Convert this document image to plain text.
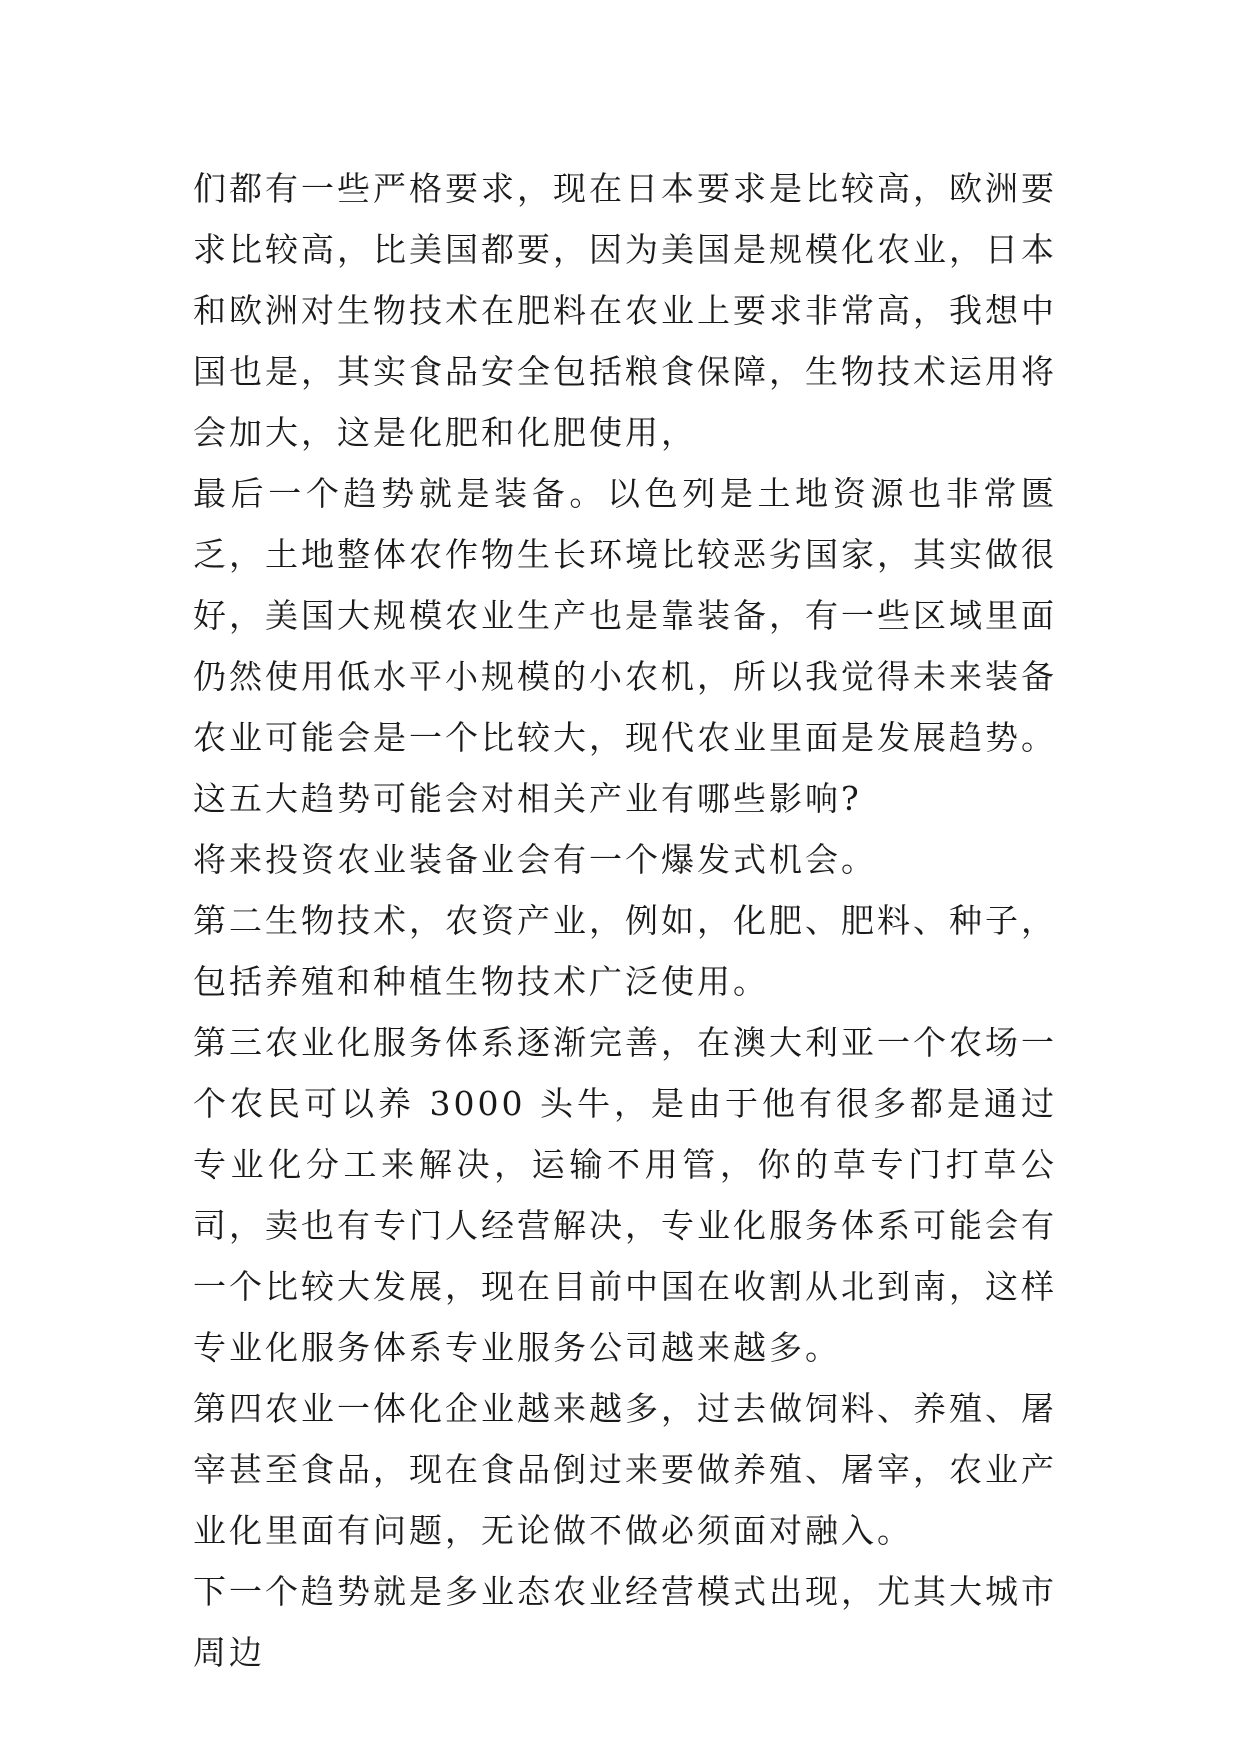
们都有一些严格要求，现在日本要求是比较高，欧洲要求比较高，比美国都要，因为美国是规模化农业，日本和欧洲对生物技术在肥料在农业上要求非常高，我想中国也是，其实食品安全包括粮食保障，生物技术运用将会加大，这是化肥和化肥使用，

最后一个趋势就是装备。以色列是土地资源也非常匮乏，土地整体农作物生长环境比较恶劣国家，其实做很好，美国大规模农业生产也是靠装备，有一些区域里面仍然使用低水平小规模的小农机，所以我觉得未来装备农业可能会是一个比较大，现代农业里面是发展趋势。

这五大趋势可能会对相关产业有哪些影响?

将来投资农业装备业会有一个爆发式机会。

第二生物技术，农资产业，例如，化肥、肥料、种子，包括养殖和种植生物技术广泛使用。

第三农业化服务体系逐渐完善，在澳大利亚一个农场一个农民可以养 3000 头牛，是由于他有很多都是通过专业化分工来解决，运输不用管，你的草专门打草公司，卖也有专门人经营解决，专业化服务体系可能会有一个比较大发展，现在目前中国在收割从北到南，这样专业化服务体系专业服务公司越来越多。

第四农业一体化企业越来越多，过去做饲料、养殖、屠宰甚至食品，现在食品倒过来要做养殖、屠宰，农业产业化里面有问题，无论做不做必须面对融入。

下一个趋势就是多业态农业经营模式出现，尤其大城市周边
